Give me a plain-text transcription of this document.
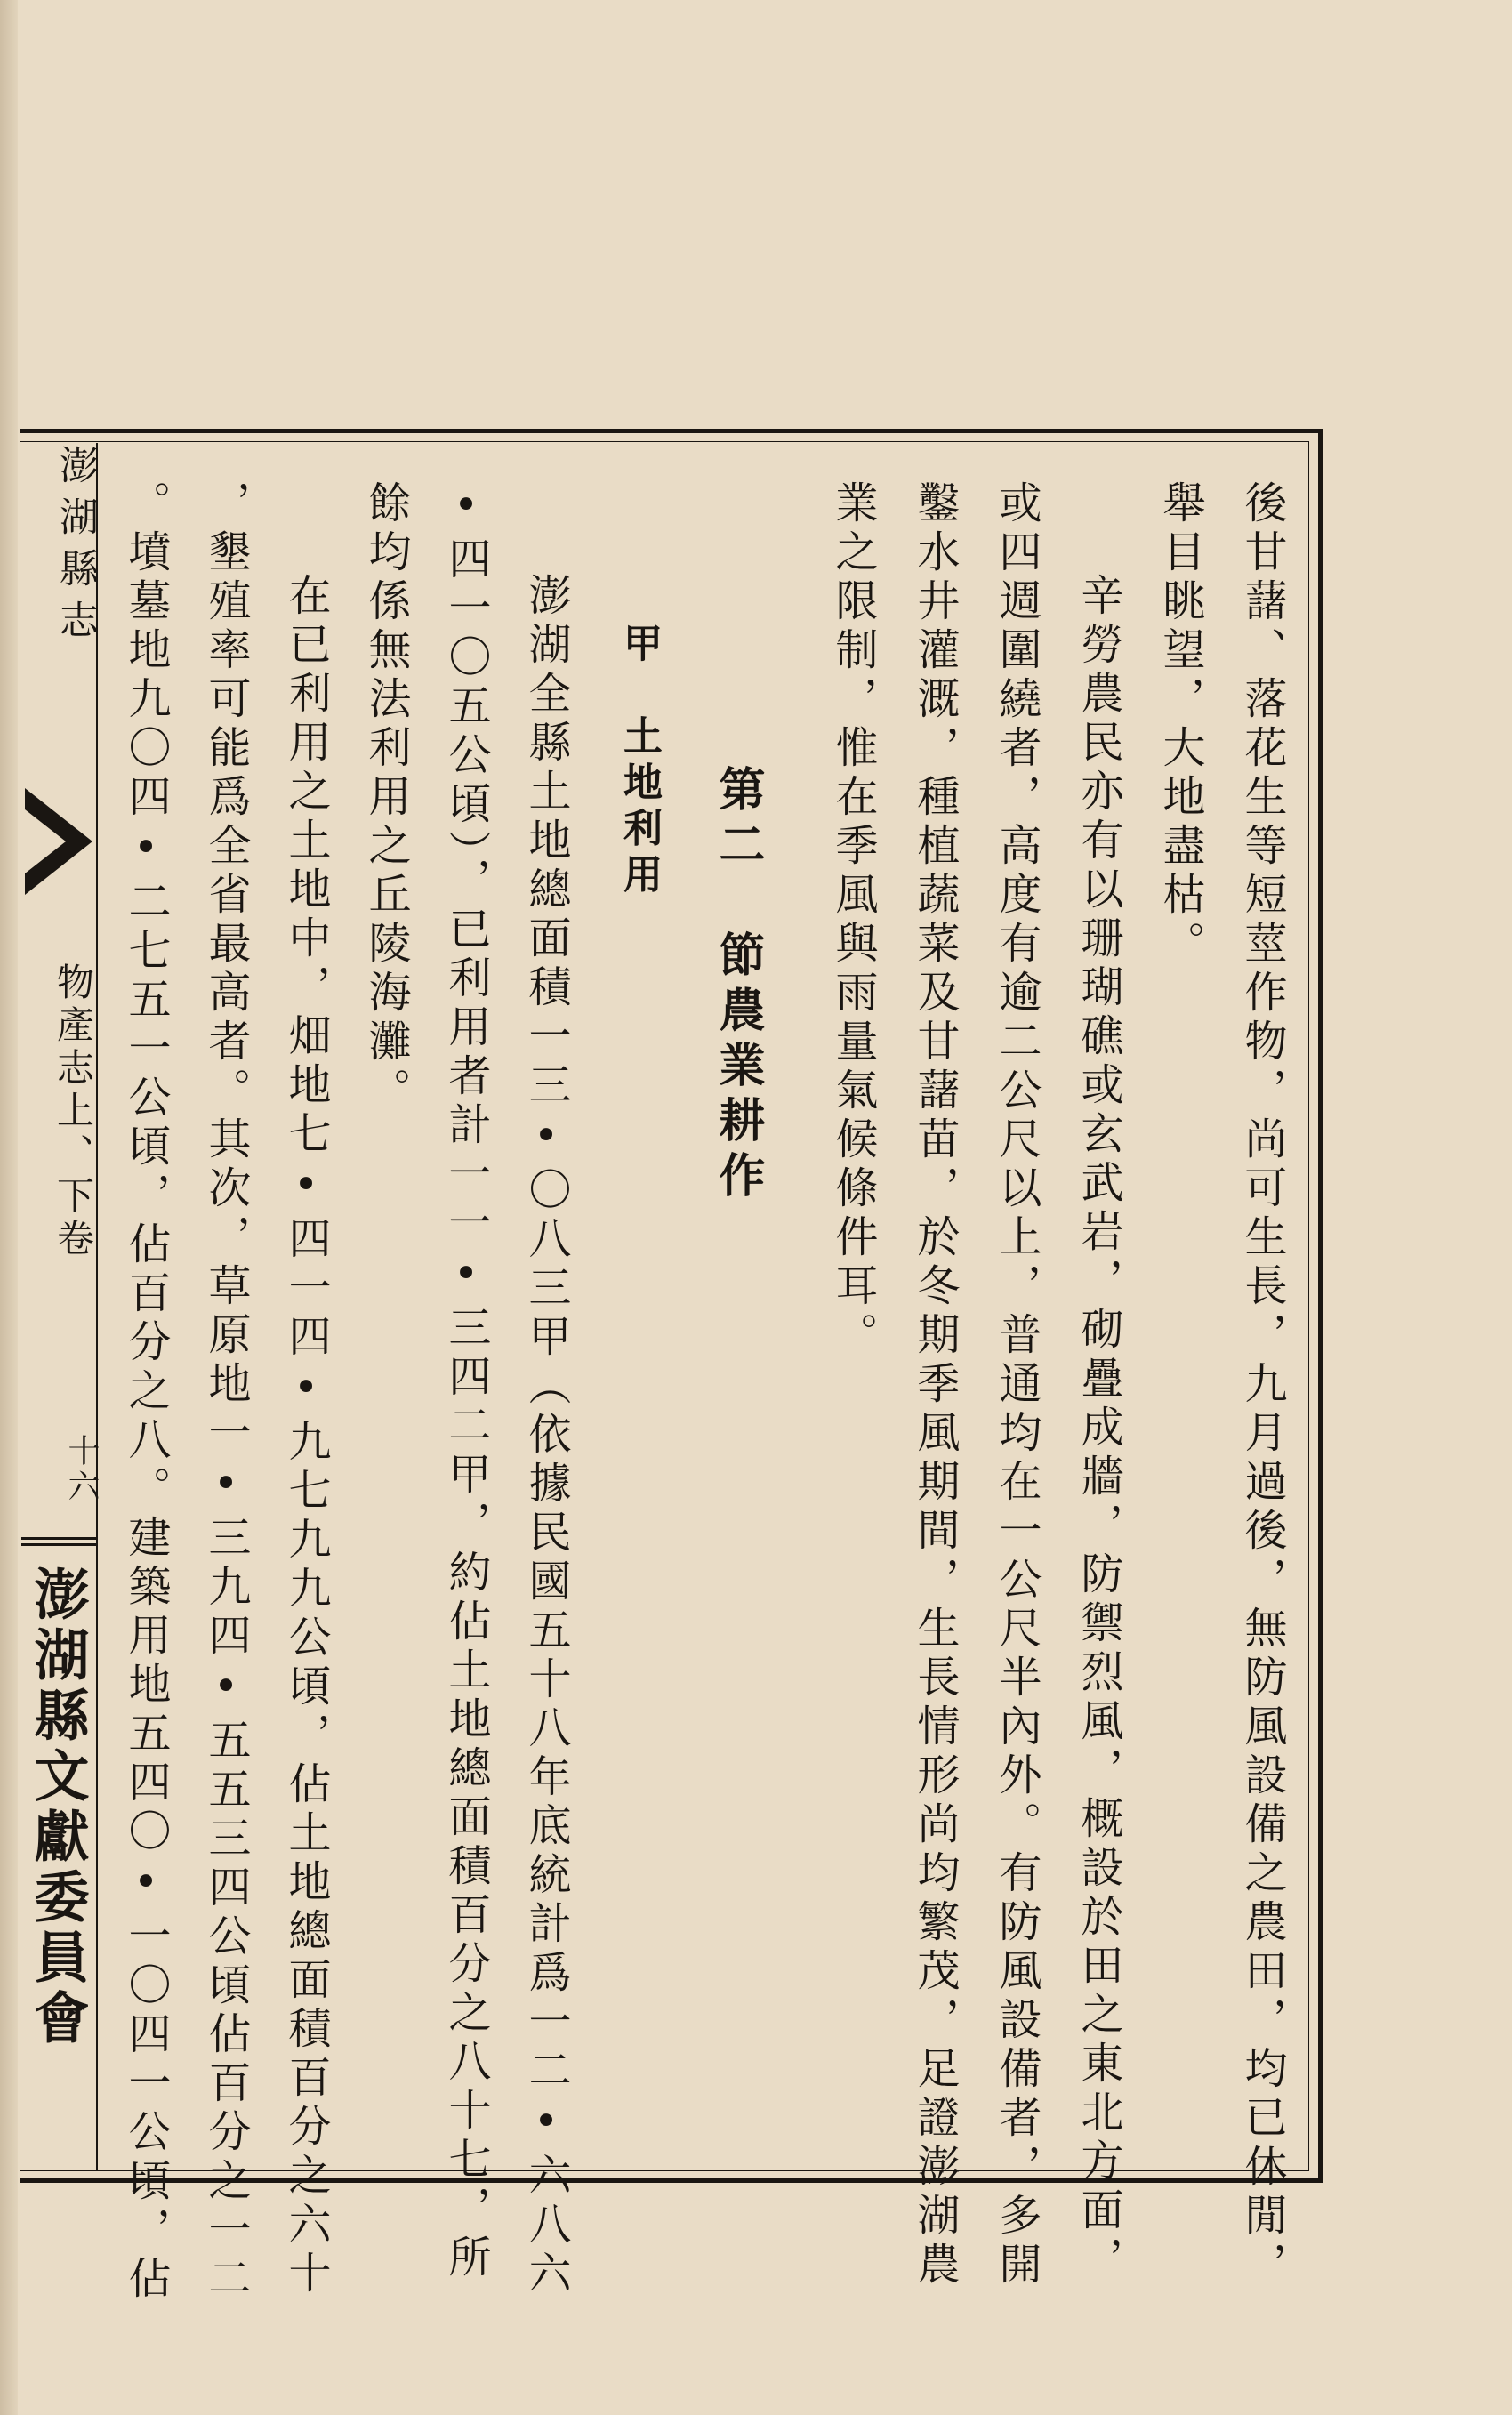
澎湖縣志
物產志上、下卷
十六
澎湖縣文獻委員會	後甘藷、落花生等短莖作物，尚可生長，九月過後，無防風設備之農田，均已休閒，
舉目眺望，大地盡枯。
辛勞農民亦有以珊瑚礁或玄武岩，砌疊成牆，防禦烈風，概設於田之東北方面，
或四週圍繞者，高度有逾二公尺以上，普通均在一公尺半內外。有防風設備者，多開
鑿水井灌溉，種植蔬菜及甘藷苗，於冬期季風期間，生長情形尚均繁茂，足證澎湖農
業之限制，惟在季風與雨量氣候條件耳。
第二　節農業耕作
甲　土地利用
澎湖全縣土地總面積一三•〇八三甲（依據民國五十八年底統計爲一二•六八六
•四一〇五公頃），已利用者計一一•三四二甲，約佔土地總面積百分之八十七，所
餘均係無法利用之丘陵海灘。
在已利用之土地中，畑地七•四一四•九七九九公頃，佔土地總面積百分之六十
，墾殖率可能爲全省最高者。其次，草原地一•三九四•五五三四公頃佔百分之一二
。墳墓地九〇四•二七五一公頃，佔百分之八。建築用地五四〇•一〇四一公頃，佔
